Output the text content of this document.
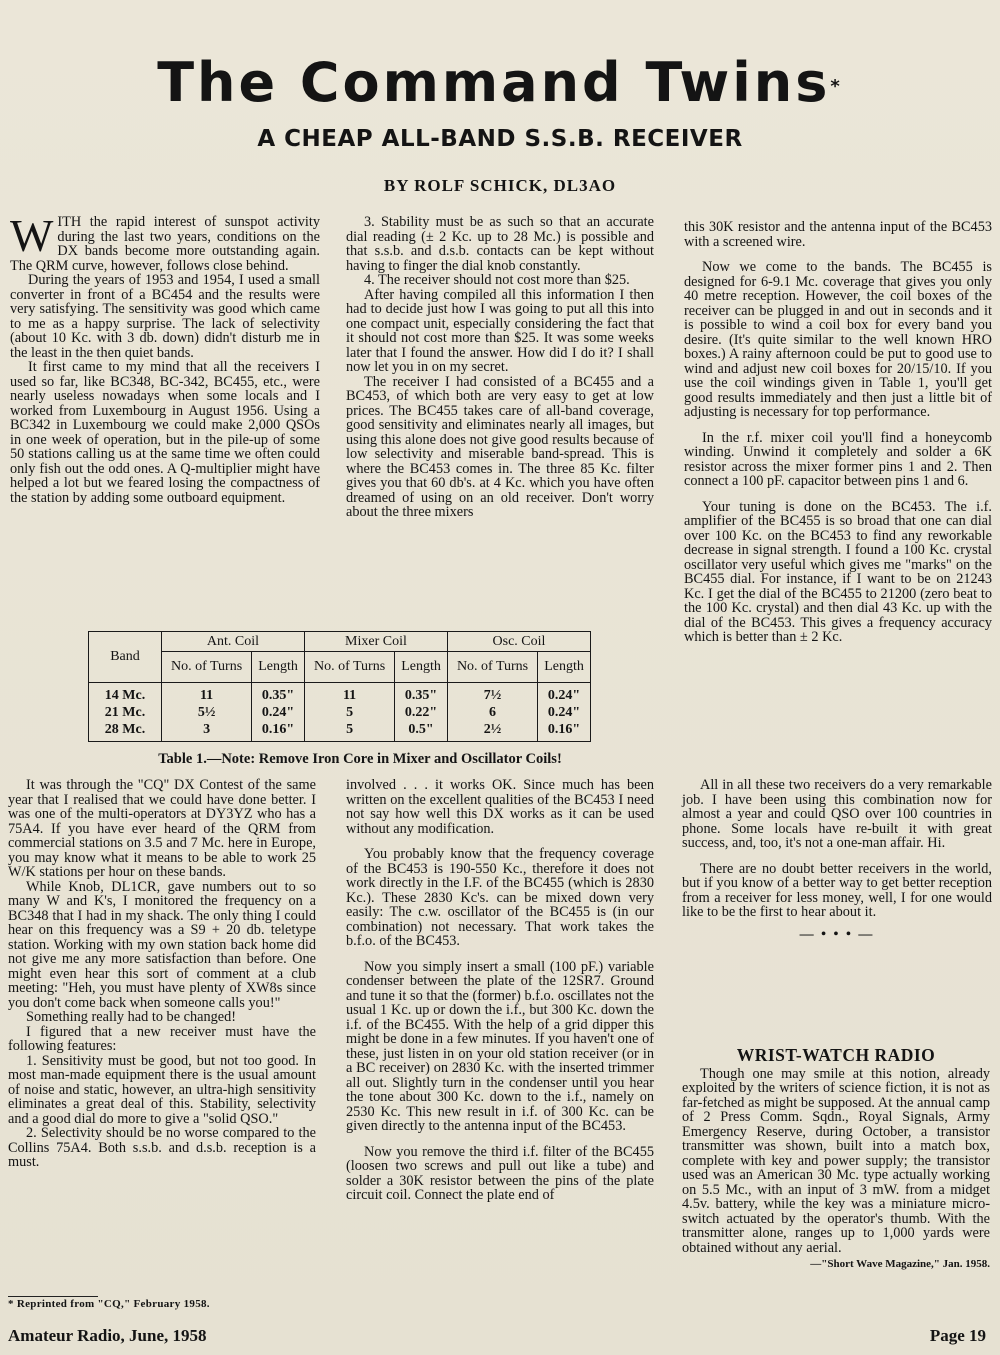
The Command Twins*
A CHEAP ALL-BAND S.S.B. RECEIVER
BY ROLF SCHICK, DL3AO

WITH the rapid interest of sunspot activity during the last two years, conditions on the DX bands become more outstanding again. The QRM curve, however, follows close behind.

During the years of 1953 and 1954, I used a small converter in front of a BC454 and the results were very satisfying. The sensitivity was good which came to me as a happy surprise. The lack of selectivity (about 10 Kc. with 3 db. down) didn't disturb me in the least in the then quiet bands.

It first came to my mind that all the receivers I used so far, like BC348, BC-342, BC455, etc., were nearly useless nowadays when some locals and I worked from Luxembourg in August 1956. Using a BC342 in Luxembourg we could make 2,000 QSOs in one week of operation, but in the pile-up of some 50 stations calling us at the same time we often could only fish out the odd ones. A Q-multiplier might have helped a lot but we feared losing the compactness of the station by adding some outboard equipment.

3. Stability must be as such so that an accurate dial reading (± 2 Kc. up to 28 Mc.) is possible and that s.s.b. and d.s.b. contacts can be kept without having to finger the dial knob constantly.

4. The receiver should not cost more than $25.

After having compiled all this information I then had to decide just how I was going to put all this into one compact unit, especially considering the fact that it should not cost more than $25. It was some weeks later that I found the answer. How did I do it? I shall now let you in on my secret.

The receiver I had consisted of a BC455 and a BC453, of which both are very easy to get at low prices. The BC455 takes care of all-band coverage, good sensitivity and eliminates nearly all images, but using this alone does not give good results because of low selectivity and miserable band-spread. This is where the BC453 comes in. The three 85 Kc. filter gives you that 60 db's. at 4 Kc. which you have often dreamed of using on an old receiver. Don't worry about the three mixers

this 30K resistor and the antenna input of the BC453 with a screened wire.

Now we come to the bands. The BC455 is designed for 6-9.1 Mc. coverage that gives you only 40 metre reception. However, the coil boxes of the receiver can be plugged in and out in seconds and it is possible to wind a coil box for every band you desire. (It's quite similar to the well known HRO boxes.) A rainy afternoon could be put to good use to wind and adjust new coil boxes for 20/15/10. If you use the coil windings given in Table 1, you'll get good results immediately and then just a little bit of adjusting is necessary for top performance.

In the r.f. mixer coil you'll find a honeycomb winding. Unwind it completely and solder a 6K resistor across the mixer former pins 1 and 2. Then connect a 100 pF. capacitor between pins 1 and 6.

Your tuning is done on the BC453. The i.f. amplifier of the BC455 is so broad that one can dial over 100 Kc. on the BC453 to find any reworkable decrease in signal strength. I found a 100 Kc. crystal oscillator very useful which gives me "marks" on the BC455 dial. For instance, if I want to be on 21243 Kc. I get the dial of the BC455 to 21200 (zero beat to the 100 Kc. crystal) and then dial 43 Kc. up with the dial of the BC453. This gives a frequency accuracy which is better than ± 2 Kc.

Band	Ant. Coil		Mixer Coil		Osc. Coil	
	No. of Turns	Length	No. of Turns	Length	No. of Turns	Length
14 Mc.	11	0.35"	11	0.35"	7½	0.24"
21 Mc.	5½	0.24"	5	0.22"	6	0.24"
28 Mc.	3	0.16"	5	0.5"	2½	0.16"
Table 1.—Note: Remove Iron Core in Mixer and Oscillator Coils!

It was through the "CQ" DX Contest of the same year that I realised that we could have done better. I was one of the multi-operators at DY3YZ who has a 75A4. If you have ever heard of the QRM from commercial stations on 3.5 and 7 Mc. here in Europe, you may know what it means to be able to work 25 W/K stations per hour on these bands.

While Knob, DL1CR, gave numbers out to so many W and K's, I monitored the frequency on a BC348 that I had in my shack. The only thing I could hear on this frequency was a S9 + 20 db. teletype station. Working with my own station back home did not give me any more satisfaction than before. One might even hear this sort of comment at a club meeting: "Heh, you must have plenty of XW8s since you don't come back when someone calls you!"

Something really had to be changed!

I figured that a new receiver must have the following features:

1. Sensitivity must be good, but not too good. In most man-made equipment there is the usual amount of noise and static, however, an ultra-high sensitivity eliminates a great deal of this. Stability, selectivity and a good dial do more to give a "solid QSO."

2. Selectivity should be no worse compared to the Collins 75A4. Both s.s.b. and d.s.b. reception is a must.

involved . . . it works OK. Since much has been written on the excellent qualities of the BC453 I need not say how well this DX works as it can be used without any modification.

You probably know that the frequency coverage of the BC453 is 190-550 Kc., therefore it does not work directly in the I.F. of the BC455 (which is 2830 Kc.). These 2830 Kc's. can be mixed down very easily: The c.w. oscillator of the BC455 is (in our combination) not necessary. That work takes the b.f.o. of the BC453.

Now you simply insert a small (100 pF.) variable condenser between the plate of the 12SR7. Ground and tune it so that the (former) b.f.o. oscillates not the usual 1 Kc. up or down the i.f., but 300 Kc. down the i.f. of the BC455. With the help of a grid dipper this might be done in a few minutes. If you haven't one of these, just listen in on your old station receiver (or in a BC receiver) on 2830 Kc. with the inserted trimmer all out. Slightly turn in the condenser until you hear the tone about 300 Kc. down to the i.f., namely on 2530 Kc. This new result in i.f. of 300 Kc. can be given directly to the antenna input of the BC453.

Now you remove the third i.f. filter of the BC455 (loosen two screws and pull out like a tube) and solder a 30K resistor between the pins of the plate circuit coil. Connect the plate end of

All in all these two receivers do a very remarkable job. I have been using this combination now for almost a year and could QSO over 100 countries in phone. Some locals have re-built it with great success, and, too, it's not a one-man affair. Hi.

There are no doubt better receivers in the world, but if you know of a better way to get better reception from a receiver for less money, well, I for one would like to be the first to hear about it.

— • • • —
WRIST-WATCH RADIO

Though one may smile at this notion, already exploited by the writers of science fiction, it is not as far-fetched as might be supposed. At the annual camp of 2 Press Comm. Sqdn., Royal Signals, Army Emergency Reserve, during October, a transistor transmitter was shown, built into a match box, complete with key and power supply; the transistor used was an American 30 Mc. type actually working on 5.5 Mc., with an input of 3 mW. from a midget 4.5v. battery, while the key was a miniature micro-switch actuated by the operator's thumb. With the transmitter alone, ranges up to 1,000 yards were obtained without any aerial.

—"Short Wave Magazine," Jan. 1958.
* Reprinted from "CQ," February 1958.
Amateur Radio, June, 1958	Page 19
